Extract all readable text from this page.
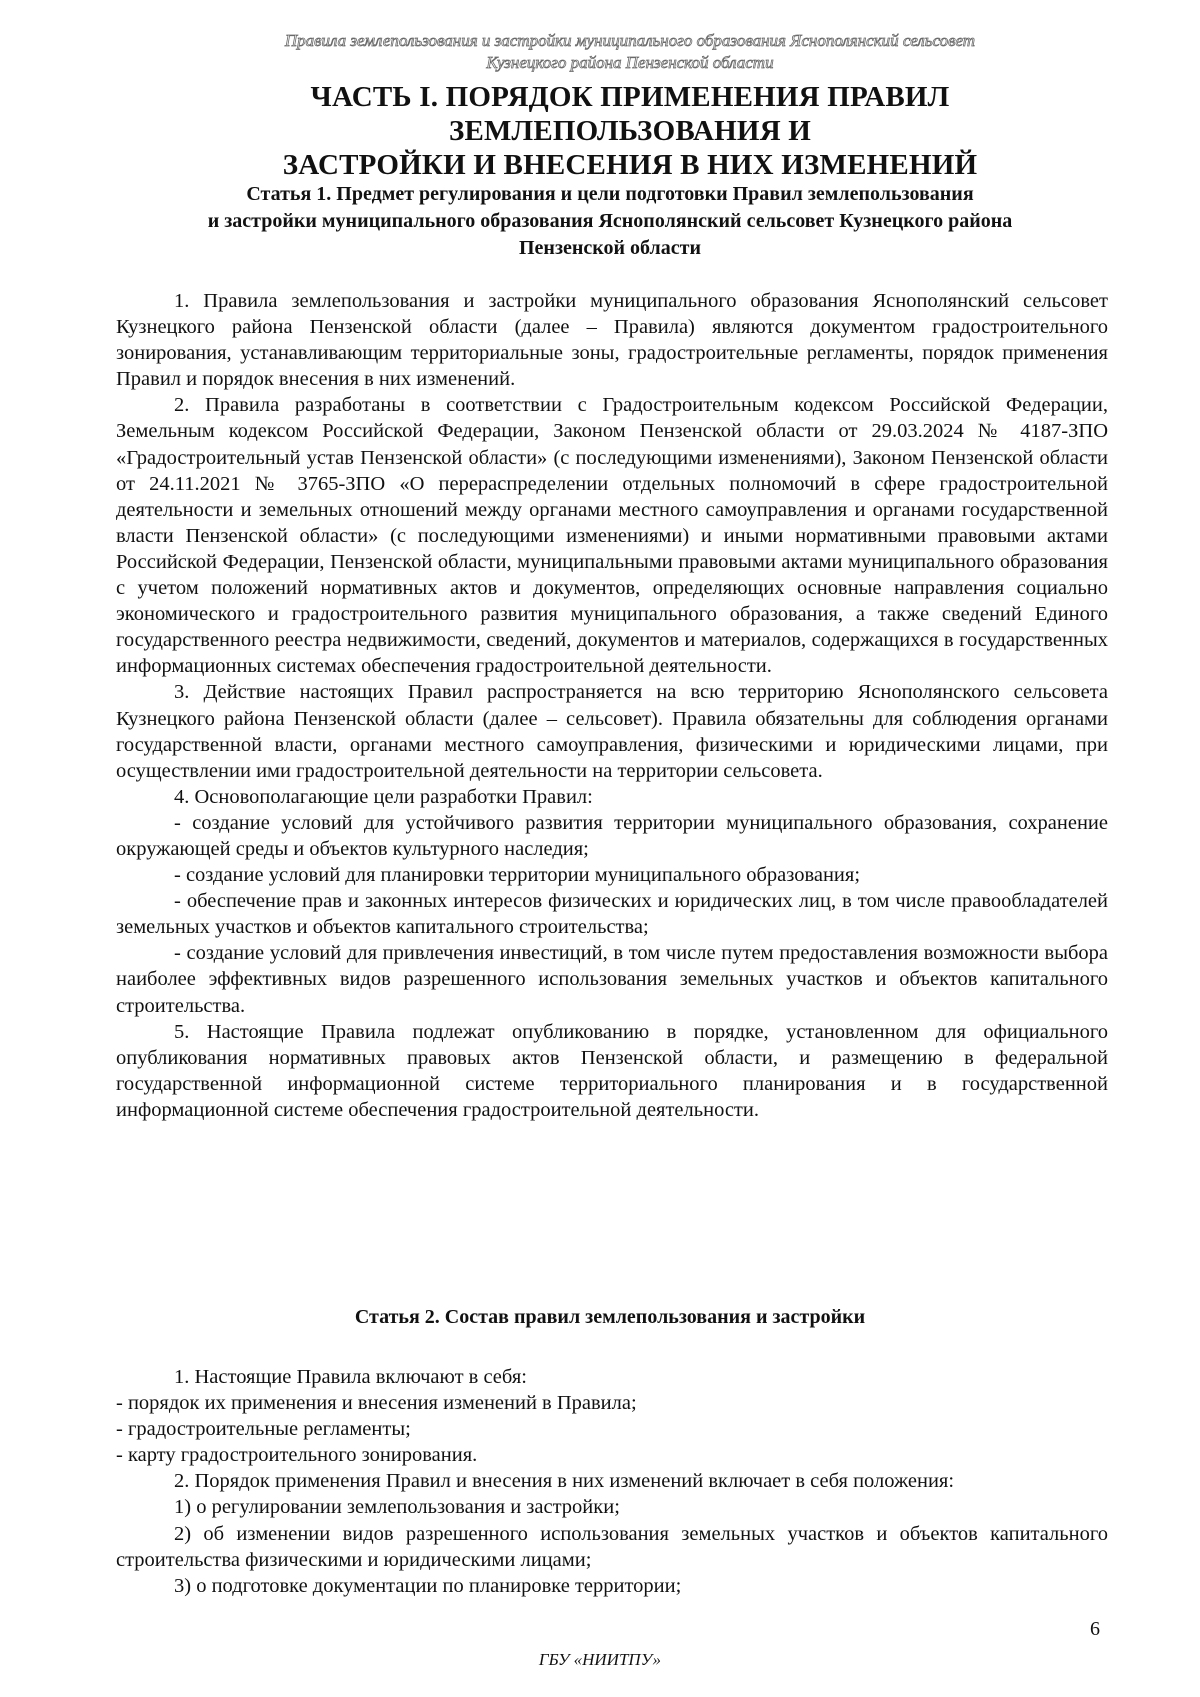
Правила землепользования и застройки муниципального образования Яснополянский сельсовет
Кузнецкого района Пензенской области
ЧАСТЬ I. ПОРЯДОК ПРИМЕНЕНИЯ ПРАВИЛ ЗЕМЛЕПОЛЬЗОВАНИЯ И
ЗАСТРОЙКИ И ВНЕСЕНИЯ В НИХ ИЗМЕНЕНИЙ
Статья 1. Предмет регулирования и цели подготовки Правил землепользования
и застройки муниципального образования Яснополянский сельсовет Кузнецкого района
Пензенской области

1. Правила землепользования и застройки муниципального образования Яснополянский сельсовет Кузнецкого района Пензенской области (далее – Правила) являются документом градостроительного зонирования, устанавливающим территориальные зоны, градостроительные регламенты, порядок применения Правил и порядок внесения в них изменений.

2. Правила разработаны в соответствии с Градостроительным кодексом Российской Федерации, Земельным кодексом Российской Федерации, Законом Пензенской области от 29.03.2024 № 4187-ЗПО «Градостроительный устав Пензенской области» (с последующими изменениями), Законом Пензенской области от 24.11.2021 № 3765-ЗПО «О перераспределении отдельных полномочий в сфере градостроительной деятельности и земельных отношений между органами местного самоуправления и органами государственной власти Пензенской области» (с последующими изменениями) и иными нормативными правовыми актами Российской Федерации, Пензенской области, муниципальными правовыми актами муниципального образования с учетом положений нормативных актов и документов, определяющих основные направления социально экономического и градостроительного развития муниципального образования, а также сведений Единого государственного реестра недвижимости, сведений, документов и материалов, содержащихся в государственных информационных системах обеспечения градостроительной деятельности.

3. Действие настоящих Правил распространяется на всю территорию Яснополянского сельсовета Кузнецкого района Пензенской области (далее – сельсовет). Правила обязательны для соблюдения органами государственной власти, органами местного самоуправления, физическими и юридическими лицами, при осуществлении ими градостроительной деятельности на территории сельсовета.

4. Основополагающие цели разработки Правил:

- создание условий для устойчивого развития территории муниципального образования, сохранение окружающей среды и объектов культурного наследия;

- создание условий для планировки территории муниципального образования;

- обеспечение прав и законных интересов физических и юридических лиц, в том числе правообладателей земельных участков и объектов капитального строительства;

- создание условий для привлечения инвестиций, в том числе путем предоставления возможности выбора наиболее эффективных видов разрешенного использования земельных участков и объектов капитального строительства.

5. Настоящие Правила подлежат опубликованию в порядке, установленном для официального опубликования нормативных правовых актов Пензенской области, и размещению в федеральной государственной информационной системе территориального планирования и в государственной информационной системе обеспечения градостроительной деятельности.

Статья 2. Состав правил землепользования и застройки

1. Настоящие Правила включают в себя:

- порядок их применения и внесения изменений в Правила;

- градостроительные регламенты;

- карту градостроительного зонирования.

2. Порядок применения Правил и внесения в них изменений включает в себя положения:

1) о регулировании землепользования и застройки;

2) об изменении видов разрешенного использования земельных участков и объектов капитального строительства физическими и юридическими лицами;

3) о подготовке документации по планировке территории;

6
ГБУ «НИИТПУ»
